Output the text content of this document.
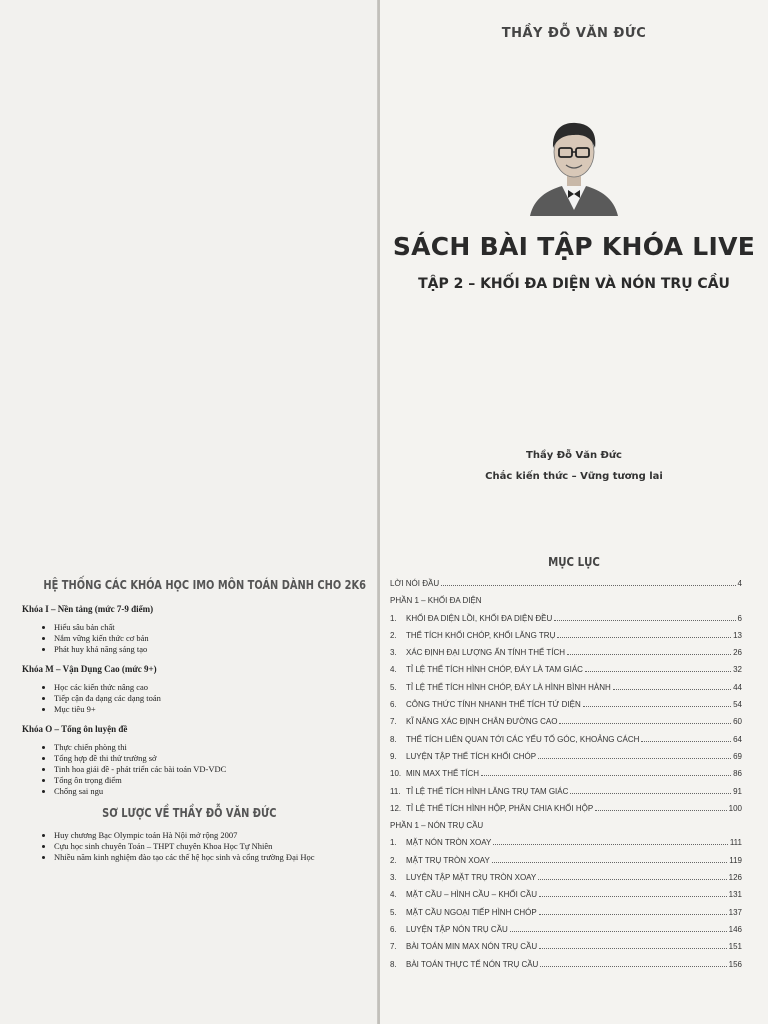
HỆ THỐNG CÁC KHÓA HỌC IMO MÔN TOÁN DÀNH CHO 2K6

Khóa I – Nền tảng (mức 7-9 điểm)

• Hiểu sâu bản chất
• Nắm vững kiến thức cơ bản
• Phát huy khả năng sáng tạo

Khóa M – Vận Dụng Cao (mức 9+)

• Học các kiến thức nâng cao
• Tiếp cận đa dạng các dạng toán
• Mục tiêu 9+

Khóa O – Tổng ôn luyện đề

• Thực chiến phòng thi
• Tổng hợp đề thi thử trường sở
• Tinh hoa giải đề - phát triển các bài toán VD-VDC
• Tổng ôn trọng điểm
• Chống sai ngu
SƠ LƯỢC VỀ THẦY ĐỖ VĂN ĐỨC
• Huy chương Bạc Olympic toán Hà Nội mở rộng 2007
• Cựu học sinh chuyên Toán – THPT chuyên Khoa Học Tự Nhiên
• Nhiều năm kinh nghiệm đào tạo các thế hệ học sinh và cổng trường Đại Học
THẦY ĐỖ VĂN ĐỨC
SÁCH BÀI TẬP KHÓA LIVE
TẬP 2 – KHỐI ĐA DIỆN VÀ NÓN TRỤ CẦU
Thầy Đỗ Văn Đức
Chắc kiến thức – Vững tương lai
MỤC LỤC
LỜI NÓI ĐẦU	4
PHẦN 1 – KHỐI ĐA DIỆN
1.	KHỐI ĐA DIỆN LỒI, KHỐI ĐA DIỆN ĐỀU	6
2.	THỂ TÍCH KHỐI CHÓP, KHỐI LĂNG TRỤ	13
3.	XÁC ĐỊNH ĐẠI LƯỢNG ẨN TÍNH THỂ TÍCH	26
4.	TỈ LỆ THỂ TÍCH HÌNH CHÓP, ĐÁY LÀ TAM GIÁC	32
5.	TỈ LỆ THỂ TÍCH HÌNH CHÓP, ĐÁY LÀ HÌNH BÌNH HÀNH	44
6.	CÔNG THỨC TÍNH NHANH THỂ TÍCH TỨ DIỆN	54
7.	KĨ NĂNG XÁC ĐỊNH CHÂN ĐƯỜNG CAO	60
8.	THỂ TÍCH LIÊN QUAN TỚI CÁC YẾU TỐ GÓC, KHOẢNG CÁCH	64
9.	LUYỆN TẬP THỂ TÍCH KHỐI CHÓP	69
10. MIN MAX THỂ TÍCH	86
11. TỈ LỆ THỂ TÍCH HÌNH LĂNG TRỤ TAM GIÁC	91
12. TỈ LỆ THỂ TÍCH HÌNH HỘP, PHÂN CHIA KHỐI HỘP	100
PHẦN 1 – NÓN TRỤ CẦU
1.	MẶT NÓN TRÒN XOAY	111
2.	MẶT TRỤ TRÒN XOAY	119
3.	LUYỆN TẬP MẶT TRỤ TRÒN XOAY	126
4.	MẶT CẦU – HÌNH CẦU – KHỐI CẦU	131
5.	MẶT CẦU NGOẠI TIẾP HÌNH CHÓP	137
6.	LUYỆN TẬP NÓN TRỤ CẦU	146
7.	BÀI TOÁN MIN MAX NÓN TRỤ CẦU	151
8.	BÀI TOÁN THỰC TẾ NÓN TRỤ CẦU	156
